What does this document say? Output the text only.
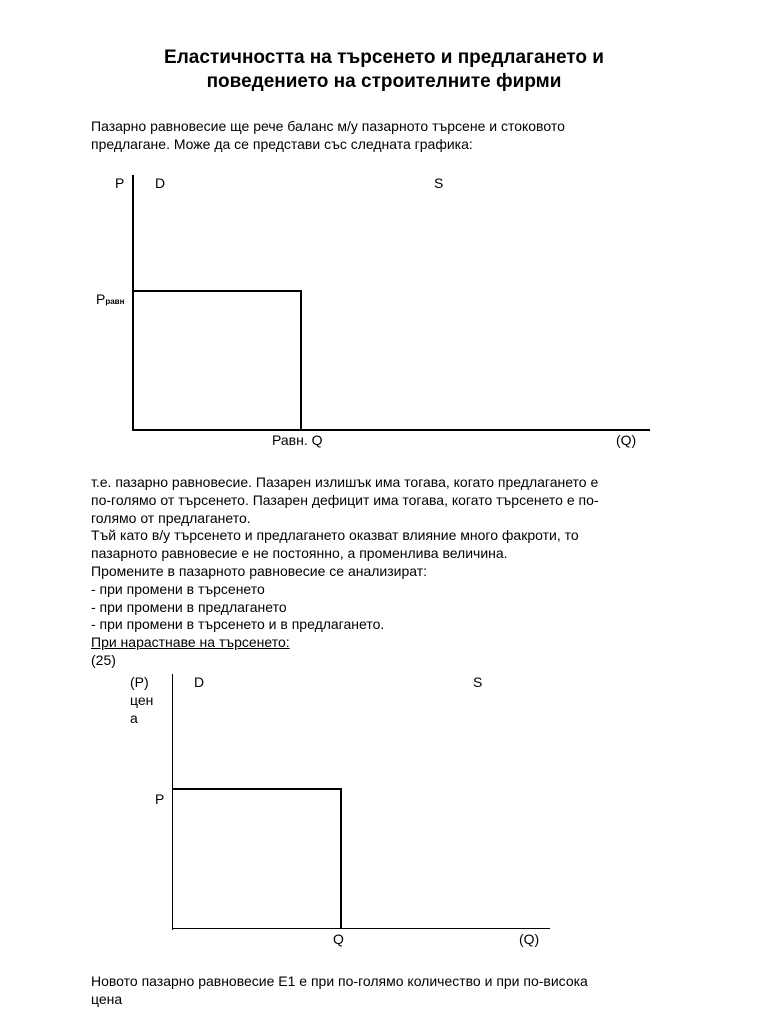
Еластичността на търсенето и предлагането и
поведението на строителните фирми
Пазарно равновесие ще рече баланс м/у пазарното търсене и стоковото
предлагане. Може да се представи със следната графика:
P D	S
Pравн
Равн. Q	(Q)
т.е. пазарно равновесие. Пазарен излишък има тогава, когато предлагането е
по-голямо от търсенето. Пазарен дефицит има тогава, когато търсенето е по-
голямо от предлагането.
Тъй като в/у търсенето и предлагането оказват влияние много факроти, то
пазарното равновесие е не постоянно, а променлива величина.
Промените в пазарното равновесие се анализират:
- при промени в търсенето
- при промени в предлагането
- при промени в търсенето и в предлагането.
При нарастнаве на търсенето:
(25)
(P)
цен
а
D	S
P
Q	(Q)
Новото пазарно равновесие Е1 е при по-голямо количество и при по-висока
цена
